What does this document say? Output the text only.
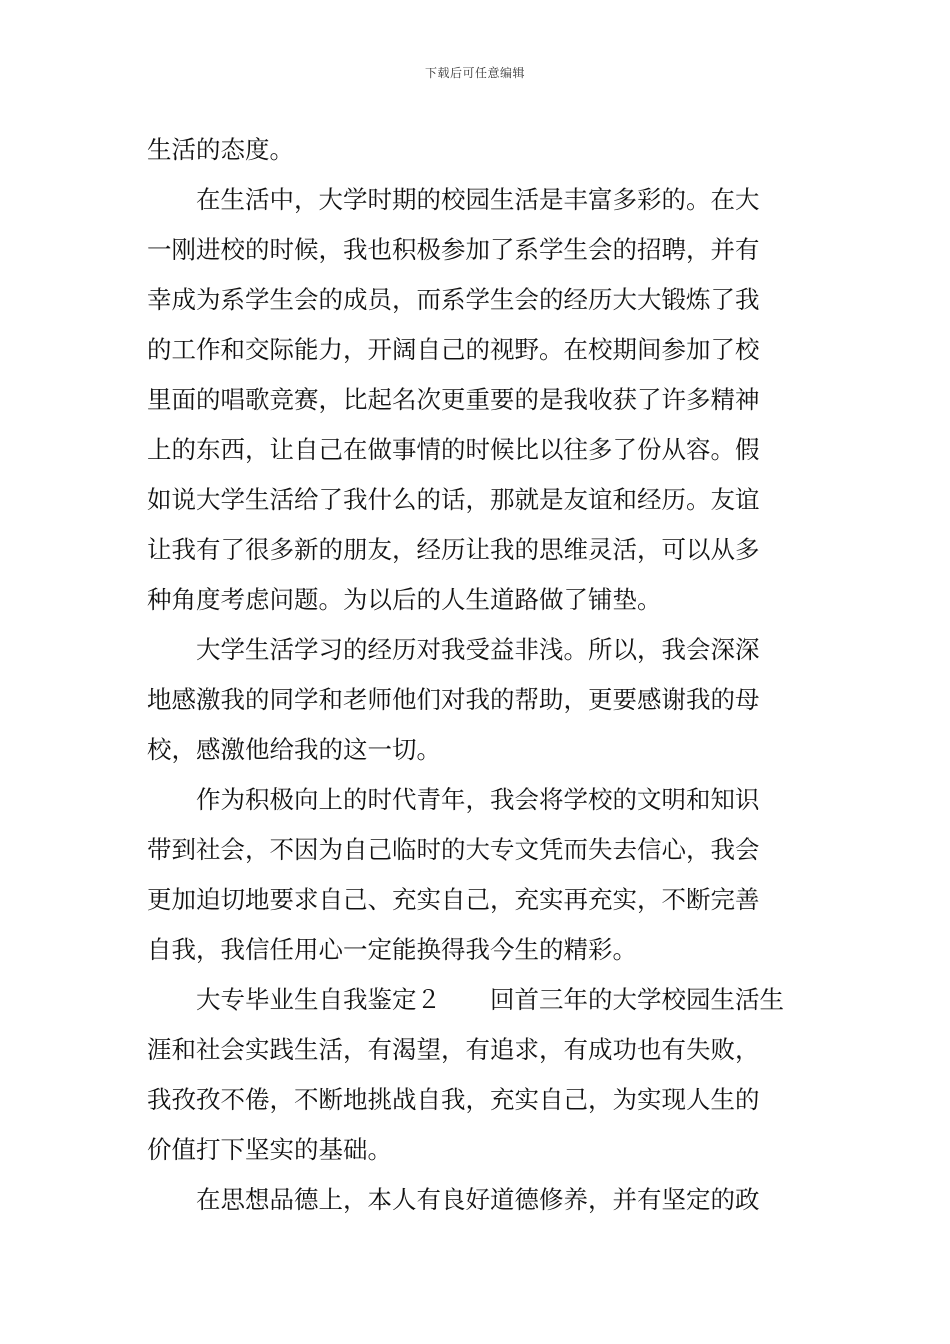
下载后可任意编辑
生活的态度。
在生活中，大学时期的校园生活是丰富多彩的。在大
一刚进校的时候，我也积极参加了系学生会的招聘，并有
幸成为系学生会的成员，而系学生会的经历大大锻炼了我
的工作和交际能力，开阔自己的视野。在校期间参加了校
里面的唱歌竞赛，比起名次更重要的是我收获了许多精神
上的东西，让自己在做事情的时候比以往多了份从容。假
如说大学生活给了我什么的话，那就是友谊和经历。友谊
让我有了很多新的朋友，经历让我的思维灵活，可以从多
种角度考虑问题。为以后的人生道路做了铺垫。
大学生活学习的经历对我受益非浅。所以，我会深深
地感激我的同学和老师他们对我的帮助，更要感谢我的母
校，感激他给我的这一切。
作为积极向上的时代青年，我会将学校的文明和知识
带到社会，不因为自己临时的大专文凭而失去信心，我会
更加迫切地要求自己、充实自己，充实再充实，不断完善
自我，我信任用心一定能换得我今生的精彩。
大专毕业生自我鉴定２　　回首三年的大学校园生活生
涯和社会实践生活，有渴望，有追求，有成功也有失败，
我孜孜不倦，不断地挑战自我，充实自己，为实现人生的
价值打下坚实的基础。
在思想品德上，本人有良好道德修养，并有坚定的政
